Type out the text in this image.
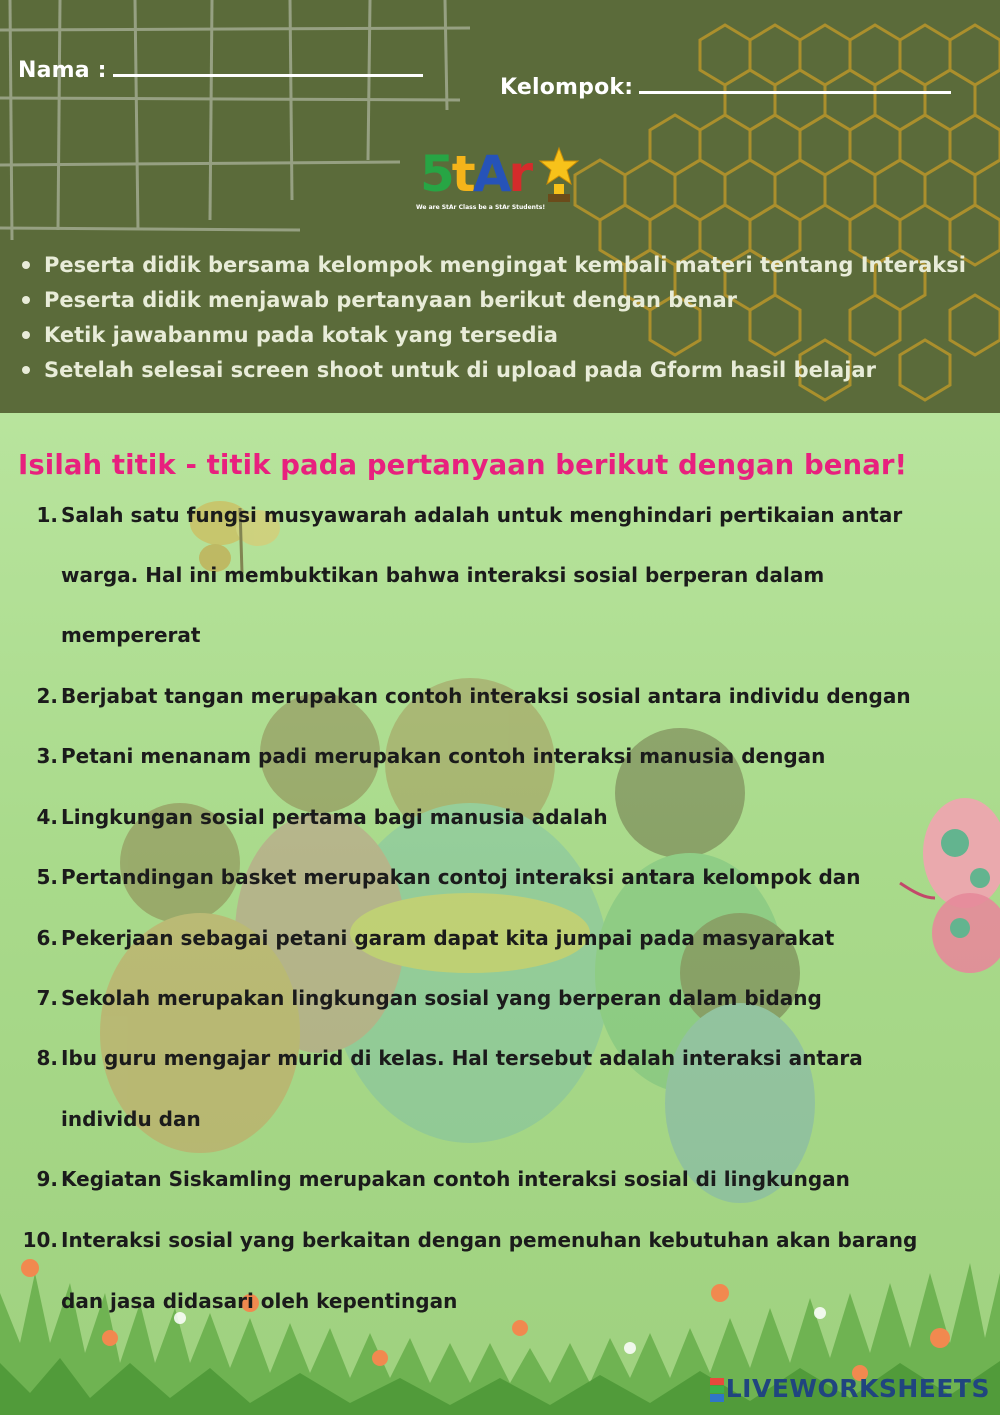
Nama :
Kelompok:
5tAr
We are StAr Class be a StAr Students!
Peserta didik bersama kelompok mengingat kembali materi tentang Interaksi
Peserta didik menjawab pertanyaan berikut dengan benar
Ketik jawabanmu pada kotak yang tersedia
Setelah selesai screen shoot untuk di upload pada Gform hasil belajar
Isilah titik - titik pada pertanyaan berikut dengan benar!
1. Salah satu fungsi musyawarah adalah untuk menghindari pertikaian antar
warga. Hal ini membuktikan bahwa interaksi sosial berperan dalam
mempererat
2. Berjabat tangan merupakan contoh interaksi sosial antara individu dengan
3. Petani menanam padi merupakan contoh interaksi manusia dengan
4. Lingkungan sosial pertama bagi manusia adalah
5. Pertandingan basket merupakan contoj interaksi antara kelompok dan
6. Pekerjaan sebagai petani garam dapat kita jumpai pada masyarakat
7. Sekolah merupakan lingkungan sosial yang berperan dalam bidang
8. Ibu guru mengajar murid di kelas. Hal tersebut adalah interaksi antara
individu dan
9. Kegiatan Siskamling merupakan contoh interaksi sosial di lingkungan
10. Interaksi sosial yang berkaitan dengan pemenuhan kebutuhan akan barang
dan jasa didasari oleh kepentingan
LIVEWORKSHEETS
